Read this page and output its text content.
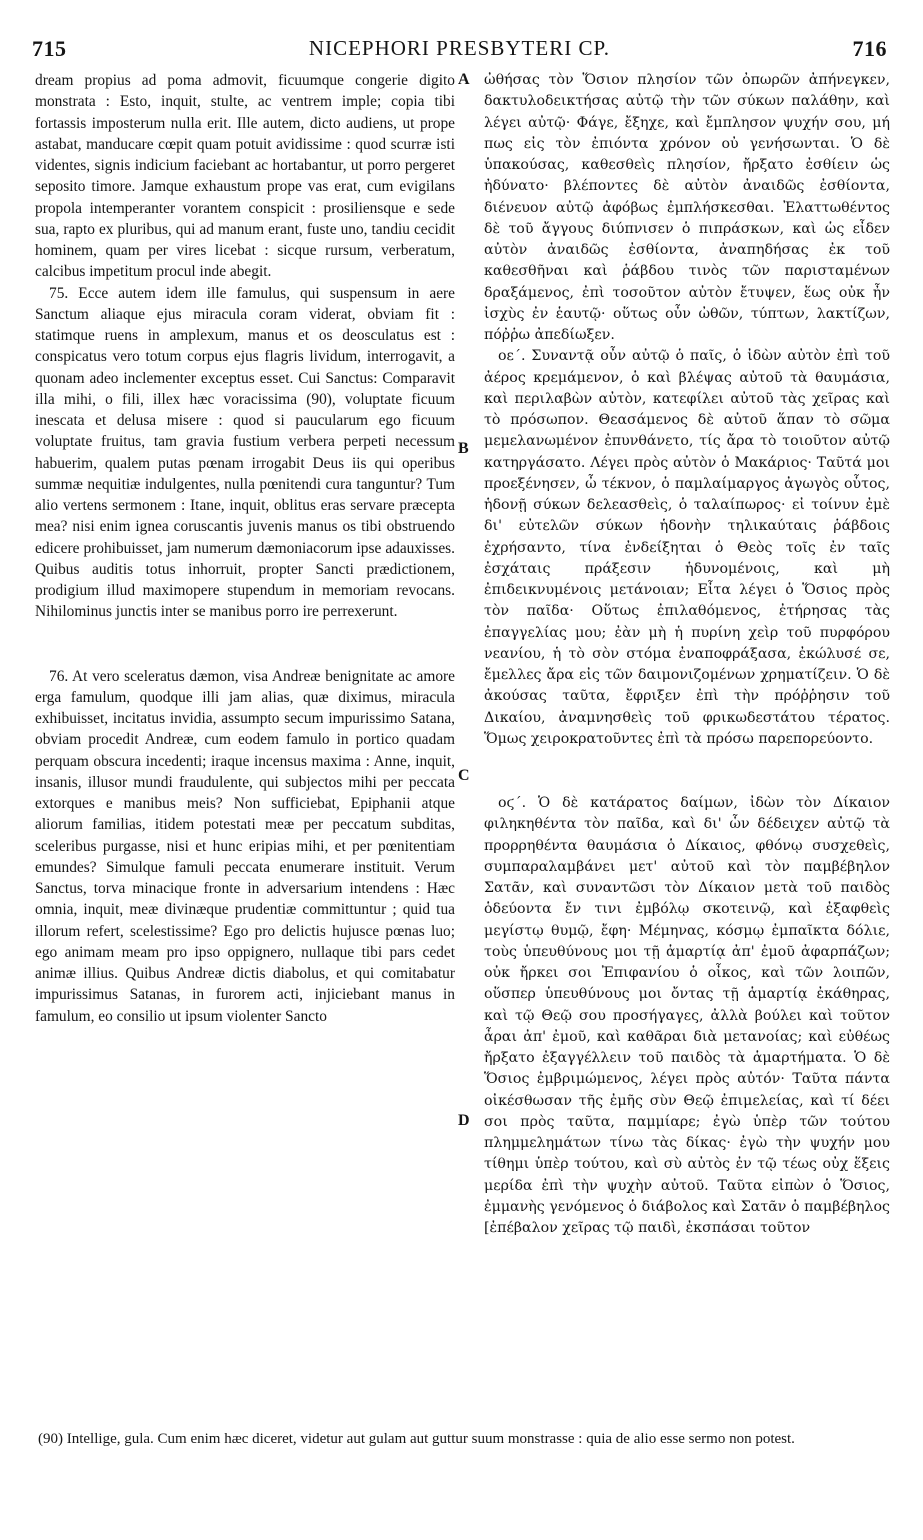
715	NICEPHORI PRESBYTERI CP.	716

dream propius ad poma admovit, ficuumque congerie digito monstrata : Esto, inquit, stulte, ac ventrem imple; copia tibi fortassis imposterum nulla erit. Ille autem, dicto audiens, ut prope astabat, manducare cœpit quam potuit avidissime : quod scurræ isti videntes, signis indicium faciebant ac hortabantur, ut porro pergeret seposito timore. Jamque exhaustum prope vas erat, cum evigilans propola intemperanter vorantem conspicit : prosiliensque e sede sua, rapto ex pluribus, qui ad manum erant, fuste uno, tandiu cecidit hominem, quam per vires licebat : sicque rursum, verberatum, calcibus impetitum procul inde abegit.

75. Ecce autem idem ille famulus, qui suspensum in aere Sanctum aliaque ejus miracula coram viderat, obviam fit : statimque ruens in amplexum, manus et os deosculatus est : conspicatus vero totum corpus ejus flagris lividum, interrogavit, a quonam adeo inclementer exceptus esset. Cui Sanctus: Comparavit illa mihi, o fili, illex hæc voracissima (90), voluptate ficuum inescata et delusa misere : quod si paucularum ego ficuum voluptate fruitus, tam gravia fustium verbera perpeti necessum habuerim, qualem putas pœnam irrogabit Deus iis qui operibus summæ nequitiæ indulgentes, nulla pœnitendi cura tanguntur? Tum alio vertens sermonem : Itane, inquit, oblitus eras servare præcepta mea? nisi enim ignea coruscantis juvenis manus os tibi obstruendo edicere prohibuisset, jam numerum dæmoniacorum ipse adauxisses. Quibus auditis totus inhorruit, propter Sancti prædictionem, prodigium illud maximopere stupendum in memoriam revocans. Nihilominus junctis inter se manibus porro ire perrexerunt.

76. At vero sceleratus dæmon, visa Andreæ benignitate ac amore erga famulum, quodque illi jam alias, quæ diximus, miracula exhibuisset, incitatus invidia, assumpto secum impurissimo Satana, obviam procedit Andreæ, cum eodem famulo in portico quadam perquam obscura incedenti; iraque incensus maxima : Anne, inquit, insanis, illusor mundi fraudulente, qui subjectos mihi per peccata extorques e manibus meis? Non sufficiebat, Epiphanii atque aliorum familias, itidem potestati meæ per peccatum subditas, sceleribus purgasse, nisi et hunc eripias mihi, et per pœnitentiam emundes? Simulque famuli peccata enumerare instituit. Verum Sanctus, torva minacique fronte in adversarium intendens : Hæc omnia, inquit, meæ divinæque prudentiæ committuntur ; quid tua illorum refert, scelestissime? Ego pro delictis hujusce pœnas luo; ego animam meam pro ipso oppignero, nullaque tibi pars cedet animæ illius. Quibus Andreæ dictis diabolus, et qui comitabatur impurissimus Satanas, in furorem acti, injiciebant manus in famulum, eo consilio ut ipsum violenter Sancto

A
B
C
D

ὠθήσας τὸν Ὅσιον πλησίον τῶν ὀπωρῶν ἀπήνεγκεν, δακτυλοδεικτήσας αὐτῷ τὴν τῶν σύκων παλάθην, καὶ λέγει αὐτῷ· Φάγε, ἔξηχε, καὶ ἔμπλησον ψυχήν σου, μή πως εἰς τὸν ἐπιόντα χρόνον οὐ γενήσωνται. Ὁ δὲ ὑπακούσας, καθεσθεὶς πλησίον, ἤρξατο ἐσθίειν ὡς ἠδύνατο· βλέποντες δὲ αὐτὸν ἀναιδῶς ἐσθίοντα, διένευον αὐτῷ ἀφόβως ἐμπλήσκεσθαι. Ἐλαττωθέντος δὲ τοῦ ἄγγους διύπνισεν ὁ πιπράσκων, καὶ ὡς εἶδεν αὐτὸν ἀναιδῶς ἐσθίοντα, ἀναπηδήσας ἐκ τοῦ καθεσθῆναι καὶ ῥάβδου τινὸς τῶν παρισταμένων δραξάμενος, ἐπὶ τοσοῦτον αὐτὸν ἔτυψεν, ἕως οὐκ ἦν ἰσχὺς ἐν ἑαυτῷ· οὕτως οὖν ὠθῶν, τύπτων, λακτίζων, πόῤῥω ἀπεδίωξεν.

οε΄. Συναντᾷ οὖν αὐτῷ ὁ παῖς, ὁ ἰδὼν αὐτὸν ἐπὶ τοῦ ἀέρος κρεμάμενον, ὁ καὶ βλέψας αὐτοῦ τὰ θαυμάσια, καὶ περιλαβὼν αὐτὸν, κατεφίλει αὐτοῦ τὰς χεῖρας καὶ τὸ πρόσωπον. Θεασάμενος δὲ αὐτοῦ ἅπαν τὸ σῶμα μεμελανωμένον ἐπυνθάνετο, τίς ἄρα τὸ τοιοῦτον αὐτῷ κατηργάσατο. Λέγει πρὸς αὐτὸν ὁ Μακάριος· Ταῦτά μοι προεξένησεν, ὦ τέκνον, ὁ παμλαίμαργος ἀγωγὸς οὗτος, ἡδονῇ σύκων δελεασθεὶς, ὁ ταλαίπωρος· εἰ τοίνυν ἐμὲ δι' εὐτελῶν σύκων ἡδονὴν τηλικαύταις ῥάβδοις ἐχρήσαντο, τίνα ἐνδείξηται ὁ Θεὸς τοῖς ἐν ταῖς ἐσχάταις πράξεσιν ἡδυνομένοις, καὶ μὴ ἐπιδεικνυμένοις μετάνοιαν; Εἶτα λέγει ὁ Ὅσιος πρὸς τὸν παῖδα· Οὕτως ἐπιλαθόμενος, ἐτήρησας τὰς ἐπαγγελίας μου; ἐὰν μὴ ἡ πυρίνη χεὶρ τοῦ πυρφόρου νεανίου, ἡ τὸ σὸν στόμα ἐναποφράξασα, ἐκώλυσέ σε, ἔμελλες ἄρα εἰς τῶν δαιμονιζομένων χρηματίζειν. Ὁ δὲ ἀκούσας ταῦτα, ἔφριξεν ἐπὶ τὴν πρόῤῥησιν τοῦ Δικαίου, ἀναμνησθεὶς τοῦ φρικωδεστάτου τέρατος. Ὅμως χειροκρατοῦντες ἐπὶ τὰ πρόσω παρεπορεύοντο.

οϛ΄. Ὁ δὲ κατάρατος δαίμων, ἰδὼν τὸν Δίκαιον φιληκηθέντα τὸν παῖδα, καὶ δι' ὧν δέδειχεν αὐτῷ τὰ προρρηθέντα θαυμάσια ὁ Δίκαιος, φθόνῳ συσχεθεὶς, συμπαραλαμβάνει μετ' αὐτοῦ καὶ τὸν παμβέβηλον Σατᾶν, καὶ συναντῶσι τὸν Δίκαιον μετὰ τοῦ παιδὸς ὁδεύοντα ἔν τινι ἐμβόλῳ σκοτεινῷ, καὶ ἐξαφθεὶς μεγίστῳ θυμῷ, ἔφη· Μέμηνας, κόσμῳ ἐμπαῖκτα δόλιε, τοὺς ὑπευθύνους μοι τῇ ἁμαρτίᾳ ἀπ' ἐμοῦ ἀφαρπάζων; οὐκ ἤρκει σοι Ἐπιφανίου ὁ οἶκος, καὶ τῶν λοιπῶν, οὕσπερ ὑπευθύνους μοι ὄντας τῇ ἁμαρτίᾳ ἐκάθηρας, καὶ τῷ Θεῷ σου προσήγαγες, ἀλλὰ βούλει καὶ τοῦτον ἆραι ἀπ' ἐμοῦ, καὶ καθᾶραι διὰ μετανοίας; καὶ εὐθέως ἤρξατο ἐξαγγέλλειν τοῦ παιδὸς τὰ ἁμαρτήματα. Ὁ δὲ Ὅσιος ἐμβριμώμενος, λέγει πρὸς αὐτόν· Ταῦτα πάντα οἰκέσθωσαν τῆς ἐμῆς σὺν Θεῷ ἐπιμελείας, καὶ τί δέει σοι πρὸς ταῦτα, παμμίαρε; ἐγὼ ὑπὲρ τῶν τούτου πλημμελημάτων τίνω τὰς δίκας· ἐγὼ τὴν ψυχήν μου τίθημι ὑπὲρ τούτου, καὶ σὺ αὐτὸς ἐν τῷ τέως οὐχ ἕξεις μερίδα ἐπὶ τὴν ψυχὴν αὐτοῦ. Ταῦτα εἰπὼν ὁ Ὅσιος, ἐμμανὴς γενόμενος ὁ διάβολος καὶ Σατᾶν ὁ παμβέβηλος [ἐπέβαλον χεῖρας τῷ παιδὶ, ἐκσπάσαι τοῦτον

(90) Intellige, gula. Cum enim hæc diceret, videtur aut gulam aut guttur suum monstrasse : quia de alio esse sermo non potest.
